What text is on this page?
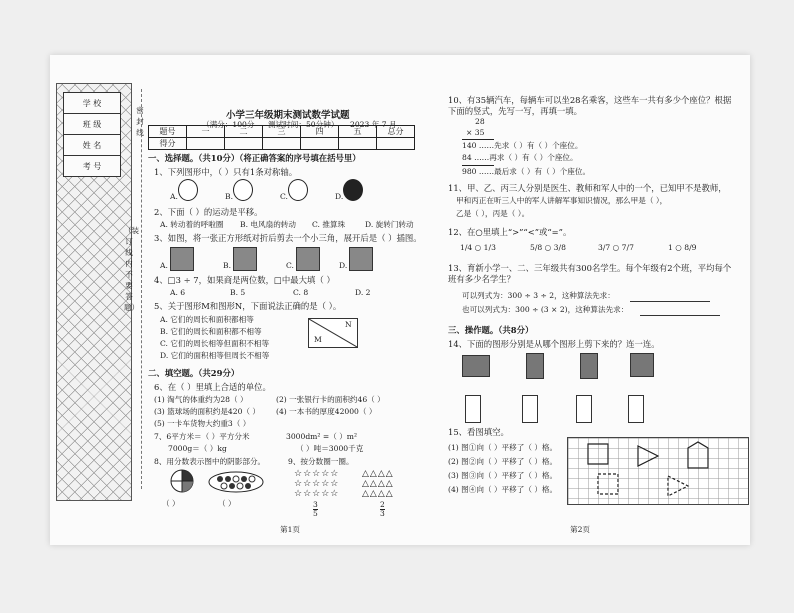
学 校
班 级
姓 名
考 号
密 封 线
（装 订 线 内 不 要 答 题）
小学三年级期末测试数学试题
（满分：100分 测试时间：50分钟） 2023 年 7 月
题号	一	二	三	四	五	总分
得分						
一、选择题。（共10分）（将正确答案的序号填在括号里）
1、下列图形中，（ ）只有1条对称轴。
A.	B.	C.	D.
2、下面（ ）的运动是平移。
A. 转动着的呼啦圈 B. 电风扇的转动 C. 推算珠	D. 旋转门转动
3、如图，将一张正方形纸对折后剪去一个小三角，展开后是（ ）插图。
A.	B.	C.	D.
4、□3 ÷ 7，如果商是两位数，□中最大填（ ）
A. 6	B. 5	C. 8	D. 2
5、关于图形M和图形N，下面说法正确的是（ ）。
A. 它们的周长和面积都相等
B. 它们的周长和面积都不相等
C. 它们的周长相等但面积不相等
D. 它们的面积相等但周长不相等
N
M
二、填空题。（共29分）
6、在（ ）里填上合适的单位。
(1) 淘气的体重约为28（ ）	(2) 一张银行卡的面积约46（ ）
(3) 篮球场的面积约是420（ ） (4) 一本书的厚度42000（ ）
(5) 一卡车货物大约重3（ ）
7、6平方米＝（ ）平方分米	3000dm² =（ ）m²
7000g＝（ ）kg	（ ）吨＝3000千克
8、用分数表示图中的阴影部分。	9、按分数圈一圈。
（ ）	（ ）
☆☆☆☆☆
☆☆☆☆☆
☆☆☆☆☆
△△△△
△△△△
△△△△
$\frac{3}{5}$	$\frac{2}{3}$
第1页
10、有35辆汽车，每辆车可以坐28名乘客，这些车一共有多少个座位？根据下面的竖式，先写一写，再填一填。
28
× 35
140 ……先求（ ）有（ ）个座位。
84 ……再求（ ）有（ ）个座位。
980 ……最后求（ ）有（ ）个座位。
11、甲、乙、丙三人分别是医生、教师和军人中的一个，已知甲不是教师，
甲和丙正在听三人中的军人讲解军事知识情况，那么甲是（ ），
乙是（ ），丙是（ ）。
12、在○里填上“>”“<”或“=”。
1/4 ○ 1/3	5/8 ○ 3/8	3/7 ○ 7/7	1 ○ 8/9
13、育新小学一、二、三年级共有300名学生。每个年级有2个班，平均每个班有多少名学生？
可以列式为：300 ÷ 3 ÷ 2，这种算法先求：
也可以列式为：300 ÷ (3 × 2)，这种算法先求：
三、操作题。（共8分）
14、下面的图形分别是从哪个图形上剪下来的？连一连。
15、看图填空。
(1) 图①向（ ）平移了（ ）格。
(2) 图②向（ ）平移了（ ）格。
(3) 图③向（ ）平移了（ ）格。
(4) 图④向（ ）平移了（ ）格。
第2页
